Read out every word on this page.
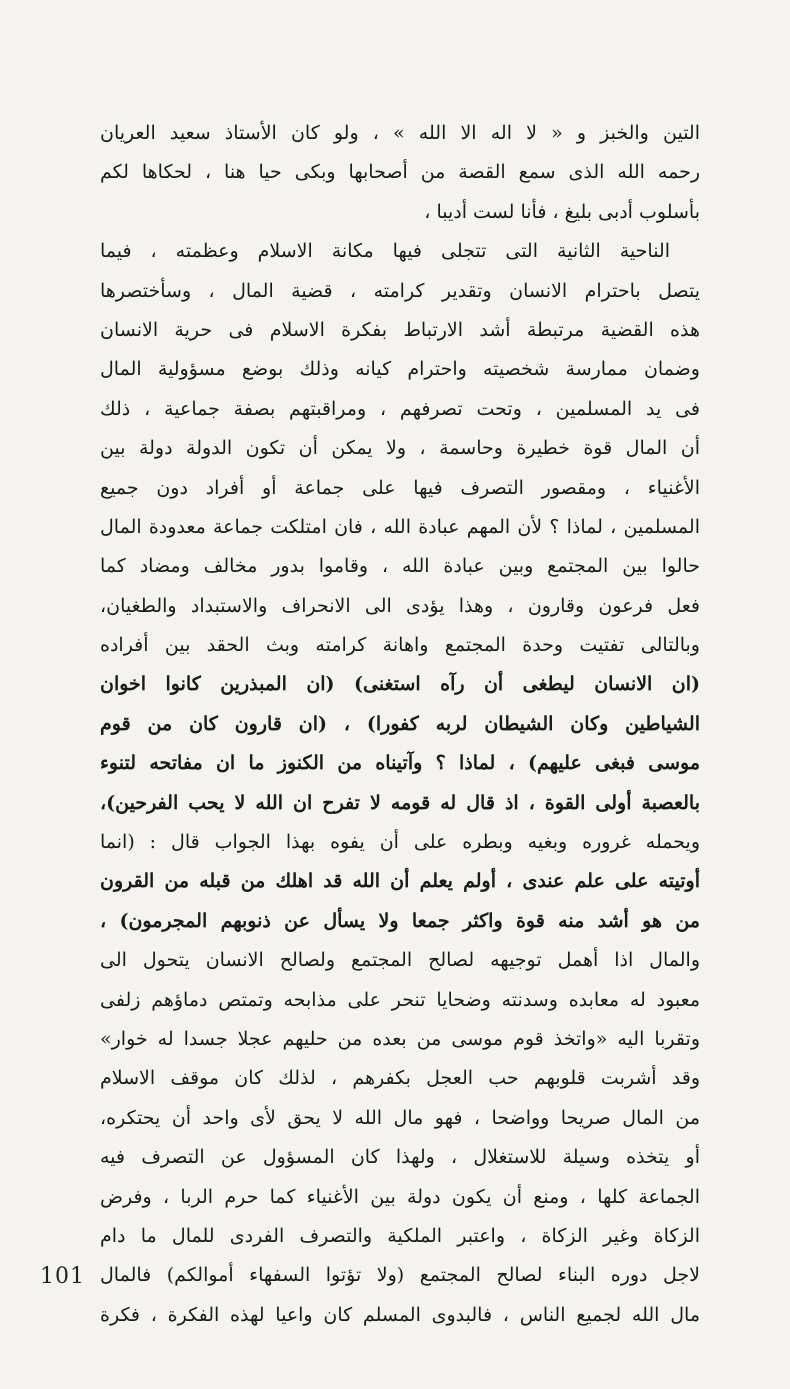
التين والخبز و « لا اله الا الله » ، ولو كان الأستاذ سعيد العريان
رحمه الله الذى سمع القصة من أصحابها وبكى حيا هنا ، لحكاها لكم
بأسلوب أدبى بليغ ، فأنا لست أديبا ،
الناحية الثانية التى تتجلى فيها مكانة الاسلام وعظمته ، فيما
يتصل باحترام الانسان وتقدير كرامته ، قضية المال ، وسأختصرها
هذه القضية مرتبطة أشد الارتباط بفكرة الاسلام فى حرية الانسان
وضمان ممارسة شخصيته واحترام كيانه وذلك بوضع مسؤولية المال
فى يد المسلمين ، وتحت تصرفهم ، ومراقبتهم بصفة جماعية ، ذلك
أن المال قوة خطيرة وحاسمة ، ولا يمكن أن تكون الدولة دولة بين
الأغنياء ، ومقصور التصرف فيها على جماعة أو أفراد دون جميع
المسلمين ، لماذا ؟ لأن المهم عبادة الله ، فان امتلكت جماعة معدودة المال
حالوا بين المجتمع وبين عبادة الله ، وقاموا بدور مخالف ومضاد كما
فعل فرعون وقارون ، وهذا يؤدى الى الانحراف والاستبداد والطغيان،
وبالتالى تفتيت وحدة المجتمع واهانة كرامته وبث الحقد بين أفراده
(ان الانسان ليطغى أن رآه استغنى) (ان المبذرين كانوا اخوان
الشياطين وكان الشيطان لربه كفورا) ، (ان قارون كان من قوم
موسى فبغى عليهم) ، لماذا ؟ وآتيناه من الكنوز ما ان مفاتحه لتنوء
بالعصبة أولى القوة ، اذ قال له قومه لا تفرح ان الله لا يحب الفرحين)،
ويحمله غروره وبغيه وبطره على أن يفوه بهذا الجواب قال : (انما
أوتيته على علم عندى ، أولم يعلم أن الله قد اهلك من قبله من القرون
من هو أشد منه قوة واكثر جمعا ولا يسأل عن ذنوبهم المجرمون) ،
والمال اذا أهمل توجيهه لصالح المجتمع ولصالح الانسان يتحول الى
معبود له معابده وسدنته وضحايا تنحر على مذابحه وتمتص دماؤهم زلفى
وتقربا اليه «واتخذ قوم موسى من بعده من حليهم عجلا جسدا له خوار»
وقد أشربت قلوبهم حب العجل بكفرهم ، لذلك كان موقف الاسلام
من المال صريحا وواضحا ، فهو مال الله لا يحق لأى واحد أن يحتكره،
أو يتخذه وسيلة للاستغلال ، ولهذا كان المسؤول عن التصرف فيه
الجماعة كلها ، ومنع أن يكون دولة بين الأغنياء كما حرم الربا ، وفرض
الزكاة وغير الزكاة ، واعتبر الملكية والتصرف الفردى للمال ما دام
لاجل دوره البناء لصالح المجتمع (ولا تؤتوا السفهاء أموالكم) فالمال
مال الله لجميع الناس ، فالبدوى المسلم كان واعيا لهذه الفكرة ، فكرة
101
